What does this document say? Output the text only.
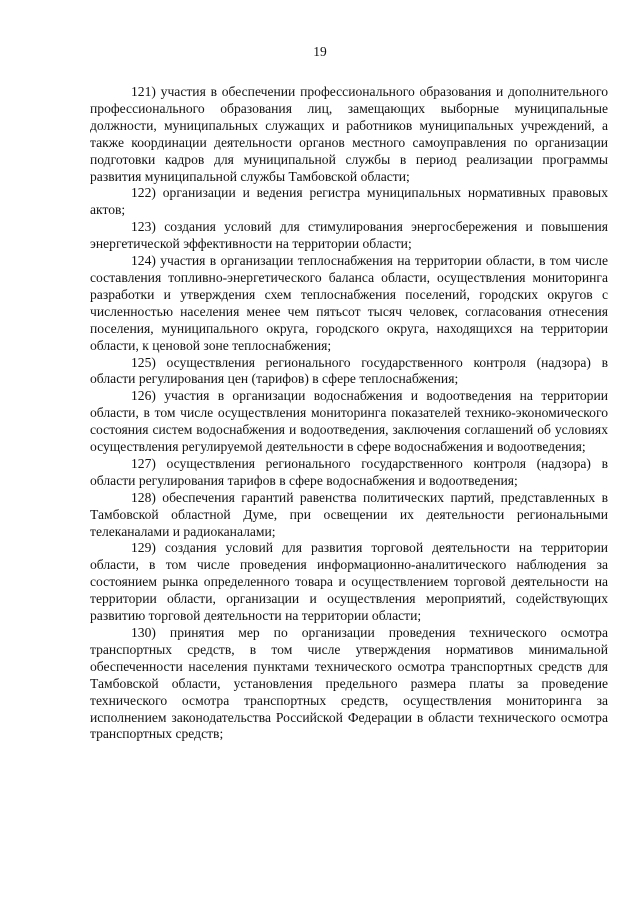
19

121) участия в обеспечении профессионального образования и дополнительного профессионального образования лиц, замещающих выборные муниципальные должности, муниципальных служащих и работников муниципальных учреждений, а также координации деятельности органов местного самоуправления по организации подготовки кадров для муниципальной службы в период реализации программы развития муниципальной службы Тамбовской области;

122) организации и ведения регистра муниципальных нормативных правовых актов;

123) создания условий для стимулирования энергосбережения и повышения энергетической эффективности на территории области;

124) участия в организации теплоснабжения на территории области, в том числе составления топливно-энергетического баланса области, осуществления мониторинга разработки и утверждения схем теплоснабжения поселений, городских округов с численностью населения менее чем пятьсот тысяч человек, согласования отнесения поселения, муниципального округа, городского округа, находящихся на территории области, к ценовой зоне теплоснабжения;

125) осуществления регионального государственного контроля (надзора) в области регулирования цен (тарифов) в сфере теплоснабжения;

126) участия в организации водоснабжения и водоотведения на территории области, в том числе осуществления мониторинга показателей технико-экономического состояния систем водоснабжения и водоотведения, заключения соглашений об условиях осуществления регулируемой деятельности в сфере водоснабжения и водоотведения;

127) осуществления регионального государственного контроля (надзора) в области регулирования тарифов в сфере водоснабжения и водоотведения;

128) обеспечения гарантий равенства политических партий, представленных в Тамбовской областной Думе, при освещении их деятельности региональными телеканалами и радиоканалами;

129) создания условий для развития торговой деятельности на территории области, в том числе проведения информационно-аналитического наблюдения за состоянием рынка определенного товара и осуществлением торговой деятельности на территории области, организации и осуществления мероприятий, содействующих развитию торговой деятельности на территории области;

130) принятия мер по организации проведения технического осмотра транспортных средств, в том числе утверждения нормативов минимальной обеспеченности населения пунктами технического осмотра транспортных средств для Тамбовской области, установления предельного размера платы за проведение технического осмотра транспортных средств, осуществления мониторинга за исполнением законодательства Российской Федерации в области технического осмотра транспортных средств;
